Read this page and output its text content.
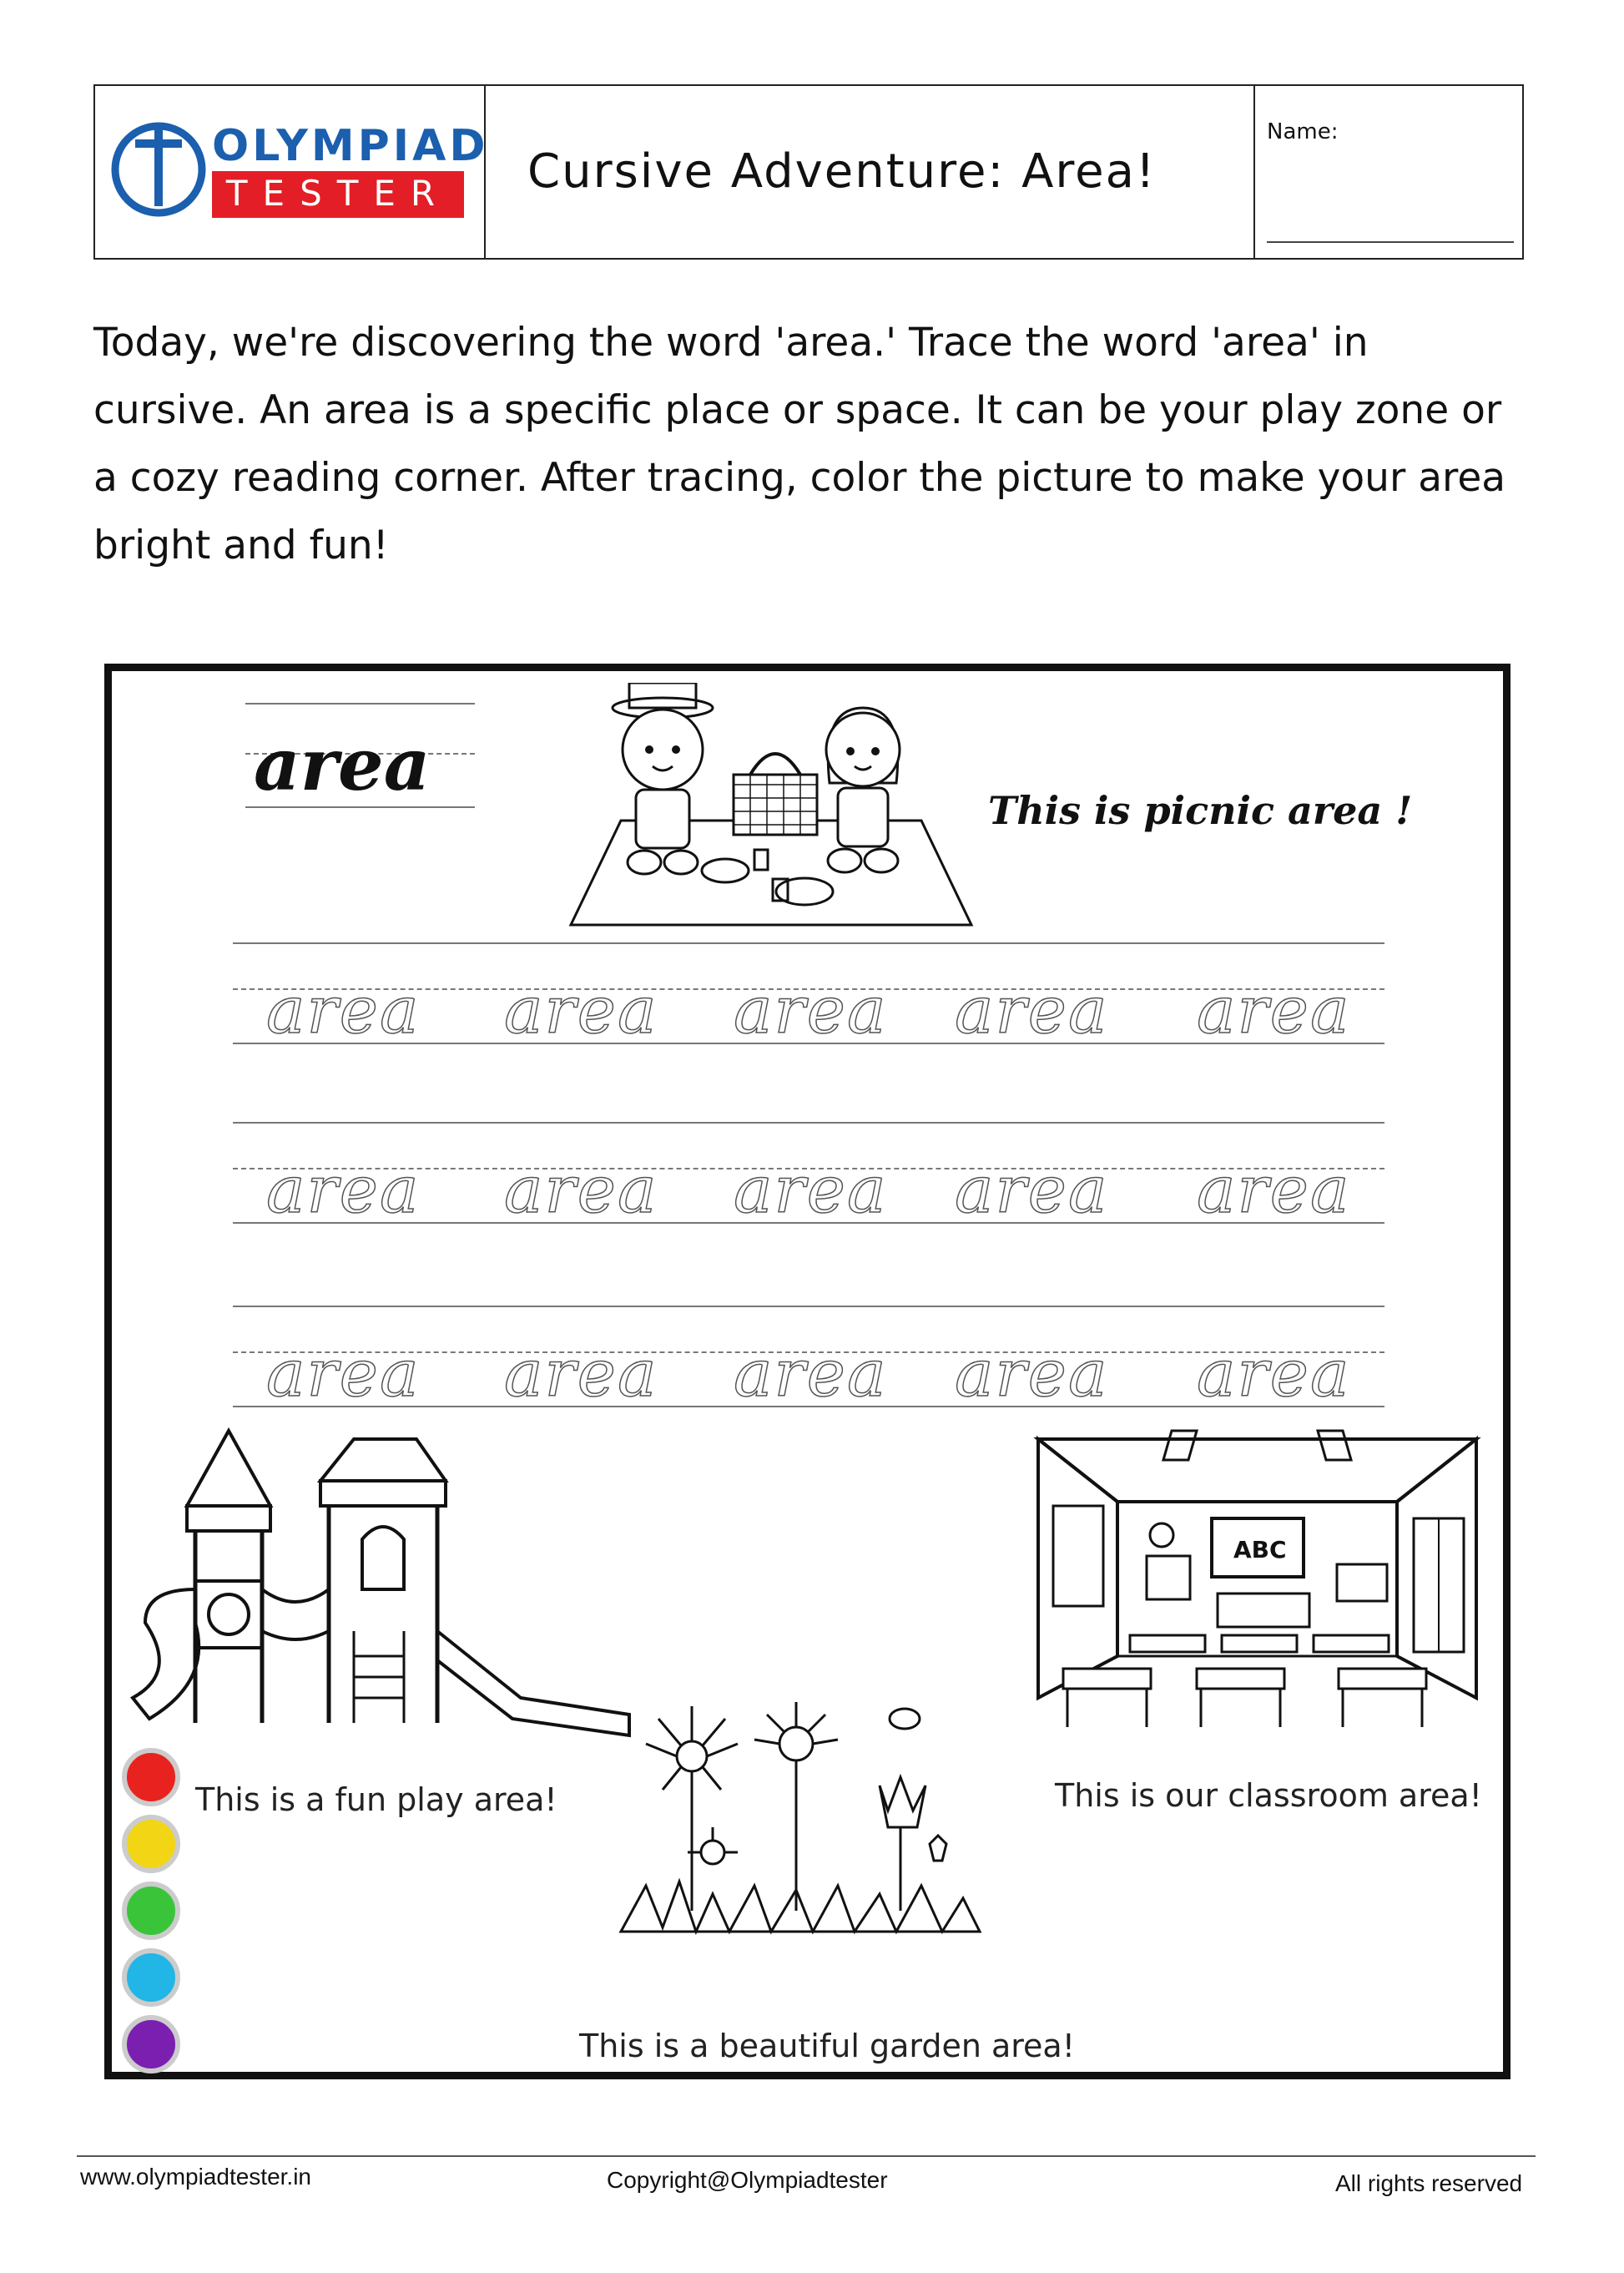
OLYMPIAD
TESTER	Cursive Adventure: Area!
Name:
Today, we're discovering the word 'area.' Trace the word 'area' in cursive. An area is a specific place or space. It can be your play zone or a cozy reading corner. After tracing, color the picture to make your area bright and fun!
area
This is picnic area !
area area area area area
area area area area area
area area area area area
ABC
This is a fun play area!	This is our classroom area!
This is a beautiful garden area!
www.olympiadtester.in	Copyright@Olympiadtester	All rights reserved
